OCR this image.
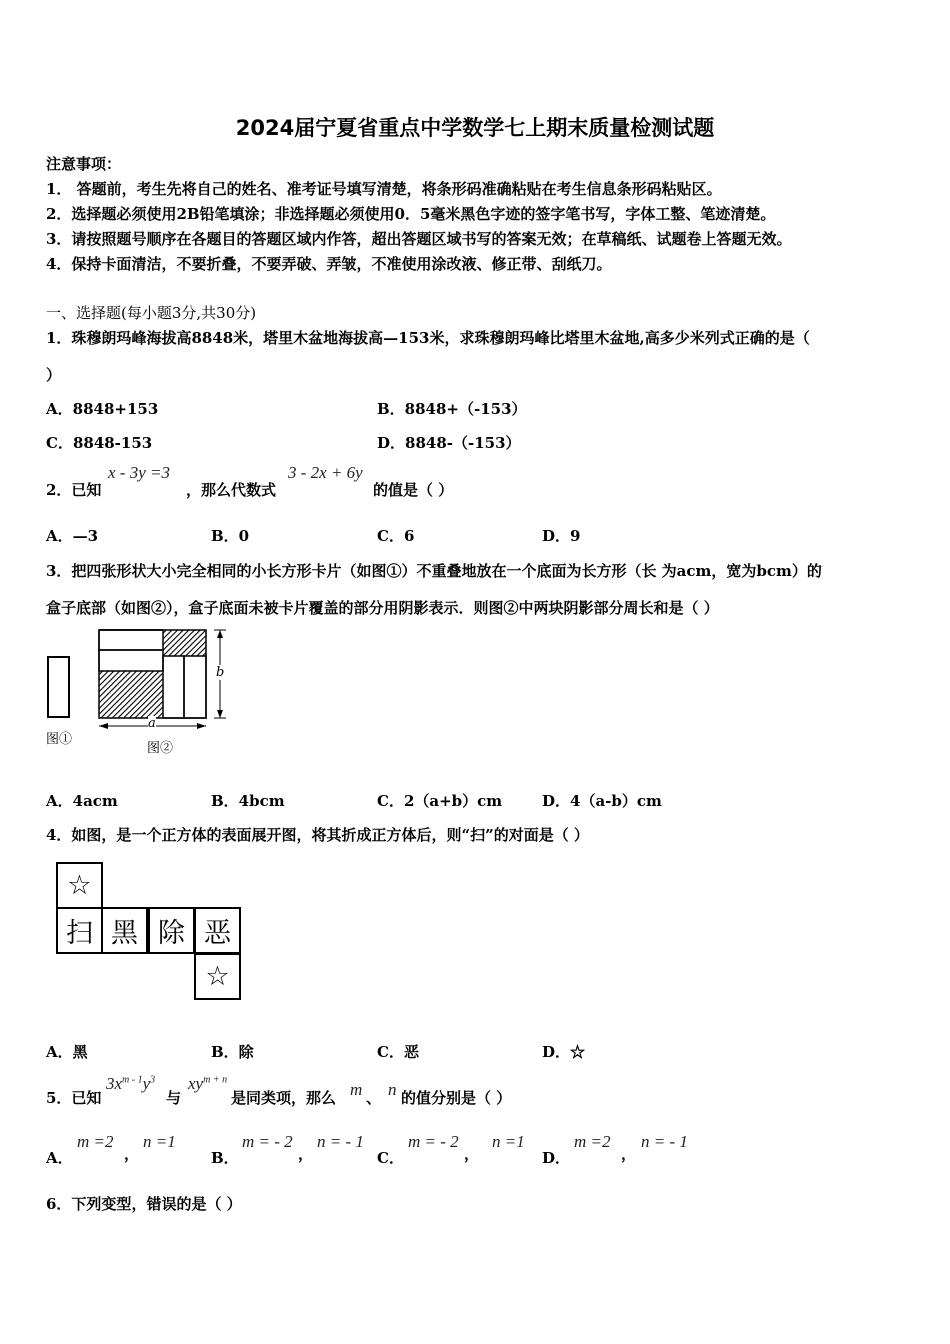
2024届宁夏省重点中学数学七上期末质量检测试题
注意事项：
1． 答题前，考生先将自己的姓名、准考证号填写清楚，将条形码准确粘贴在考生信息条形码粘贴区。
2．选择题必须使用2B铅笔填涂；非选择题必须使用0．5毫米黑色字迹的签字笔书写，字体工整、笔迹清楚。
3．请按照题号顺序在各题目的答题区域内作答，超出答题区域书写的答案无效；在草稿纸、试题卷上答题无效。
4．保持卡面清洁，不要折叠，不要弄破、弄皱，不准使用涂改液、修正带、刮纸刀。
一、选择题(每小题3分,共30分)
1．珠穆朗玛峰海拔高8848米，塔里木盆地海拔高—153米，求珠穆朗玛峰比塔里木盆地,高多少米列式正确的是（
）
A．8848+153	B．8848+（-153）
C．8848-153	D．8848-（-153）
2．已知
x - 3y =3
，那么代数式
3 - 2x + 6y
的值是（ ）
A．—3	B．0	C．6	D．9
3．把四张形状大小完全相同的小长方形卡片（如图①）不重叠地放在一个底面为长方形（长 为acm，宽为bcm）的
盒子底部（如图②），盒子底面未被卡片覆盖的部分用阴影表示．则图②中两块阴影部分周长和是（ ）
图①
b
a
图②
A．4acm	B．4bcm	C．2（a+b）cm	D．4（a-b）cm
4．如图，是一个正方体的表面展开图，将其折成正方体后，则“扫”的对面是（ ）
☆
扫 黑 除 恶
☆
A．黑	B．除	C．恶	D．☆
5．已知
$3x^{m - 1}y^3$
与
$xy^{m + n}$
是同类项，那么 m 、 n 的值分别是（ ）
A．
m =2
，
n =1
B．
m = - 2
，
n = - 1
C．
m = - 2
，
n =1
D．
m =2
，
n = - 1
6．下列变型，错误的是（ ）
